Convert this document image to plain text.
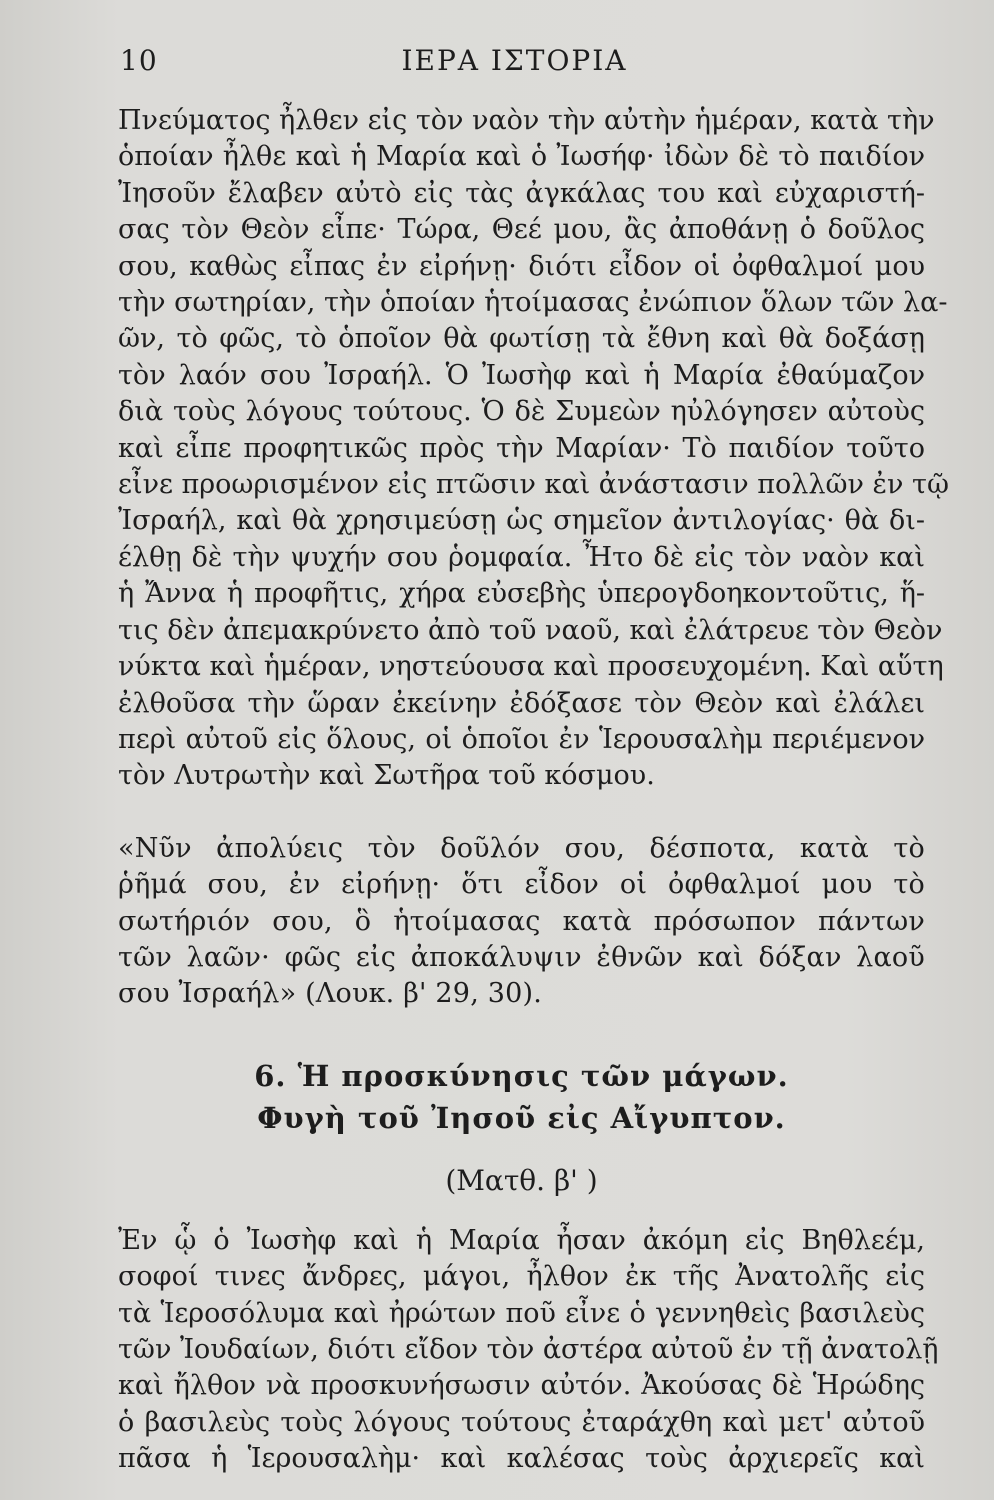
10	ΙΕΡΑ ΙΣΤΟΡΙΑ
Πνεύματος ἦλθεν εἰς τὸν ναὸν τὴν αὐτὴν ἡμέραν, κατὰ τὴν
ὁποίαν ἦλθε καὶ ἡ Μαρία καὶ ὁ Ἰωσήφ· ἰδὼν δὲ τὸ παιδίον
Ἰησοῦν ἔλαβεν αὐτὸ εἰς τὰς ἀγκάλας του καὶ εὐχαριστή-
σας τὸν Θεὸν εἶπε· Τώρα, Θεέ μου, ἂς ἀποθάνῃ ὁ δοῦλος
σου, καθὼς εἶπας ἐν εἰρήνῃ· διότι εἶδον οἱ ὀφθαλμοί μου
τὴν σωτηρίαν, τὴν ὁποίαν ἡτοίμασας ἐνώπιον ὅλων τῶν λα-
ῶν, τὸ φῶς, τὸ ὁποῖον θὰ φωτίσῃ τὰ ἔθνη καὶ θὰ δοξάσῃ
τὸν λαόν σου Ἰσραήλ. Ὁ Ἰωσὴφ καὶ ἡ Μαρία ἐθαύμαζον
διὰ τοὺς λόγους τούτους. Ὁ δὲ Συμεὼν ηὐλόγησεν αὐτοὺς
καὶ εἶπε προφητικῶς πρὸς τὴν Μαρίαν· Τὸ παιδίον τοῦτο
εἶνε προωρισμένον εἰς πτῶσιν καὶ ἀνάστασιν πολλῶν ἐν τῷ
Ἰσραήλ, καὶ θὰ χρησιμεύσῃ ὡς σημεῖον ἀντιλογίας· θὰ δι-
έλθῃ δὲ τὴν ψυχήν σου ῥομφαία. Ἦτο δὲ εἰς τὸν ναὸν καὶ
ἡ Ἄννα ἡ προφῆτις, χήρα εὐσεβὴς ὑπερογδοηκοντοῦτις, ἥ-
τις δὲν ἀπεμακρύνετο ἀπὸ τοῦ ναοῦ, καὶ ἐλάτρευε τὸν Θεὸν
νύκτα καὶ ἡμέραν, νηστεύουσα καὶ προσευχομένη. Καὶ αὕτη
ἐλθοῦσα τὴν ὥραν ἐκείνην ἐδόξασε τὸν Θεὸν καὶ ἐλάλει
περὶ αὐτοῦ εἰς ὅλους, οἱ ὁποῖοι ἐν Ἱερουσαλὴμ περιέμενον
τὸν Λυτρωτὴν καὶ Σωτῆρα τοῦ κόσμου.
«Νῦν ἀπολύεις τὸν δοῦλόν σου, δέσποτα, κατὰ τὸ
ῥῆμά σου, ἐν εἰρήνῃ· ὅτι εἶδον οἱ ὀφθαλμοί μου τὸ
σωτήριόν σου, ὃ ἡτοίμασας κατὰ πρόσωπον πάντων
τῶν λαῶν· φῶς εἰς ἀποκάλυψιν ἐθνῶν καὶ δόξαν λαοῦ
σου Ἰσραήλ» (Λουκ. β' 29, 30).
6. Ἡ προσκύνησις τῶν μάγων.
Φυγὴ τοῦ Ἰησοῦ εἰς Αἴγυπτον.
(Ματθ. β' )
Ἐν ᾧ ὁ Ἰωσὴφ καὶ ἡ Μαρία ἦσαν ἀκόμη εἰς Βηθλεέμ,
σοφοί τινες ἄνδρες, μάγοι, ἦλθον ἐκ τῆς Ἀνατολῆς εἰς
τὰ Ἱεροσόλυμα καὶ ἠρώτων ποῦ εἶνε ὁ γεννηθεὶς βασιλεὺς
τῶν Ἰουδαίων, διότι εἴδον τὸν ἀστέρα αὐτοῦ ἐν τῇ ἀνατολῇ
καὶ ἤλθον νὰ προσκυνήσωσιν αὐτόν. Ἀκούσας δὲ Ἡρώδης
ὁ βασιλεὺς τοὺς λόγους τούτους ἐταράχθη καὶ μετ' αὐτοῦ
πᾶσα ἡ Ἱερουσαλὴμ· καὶ καλέσας τοὺς ἀρχιερεῖς καὶ
